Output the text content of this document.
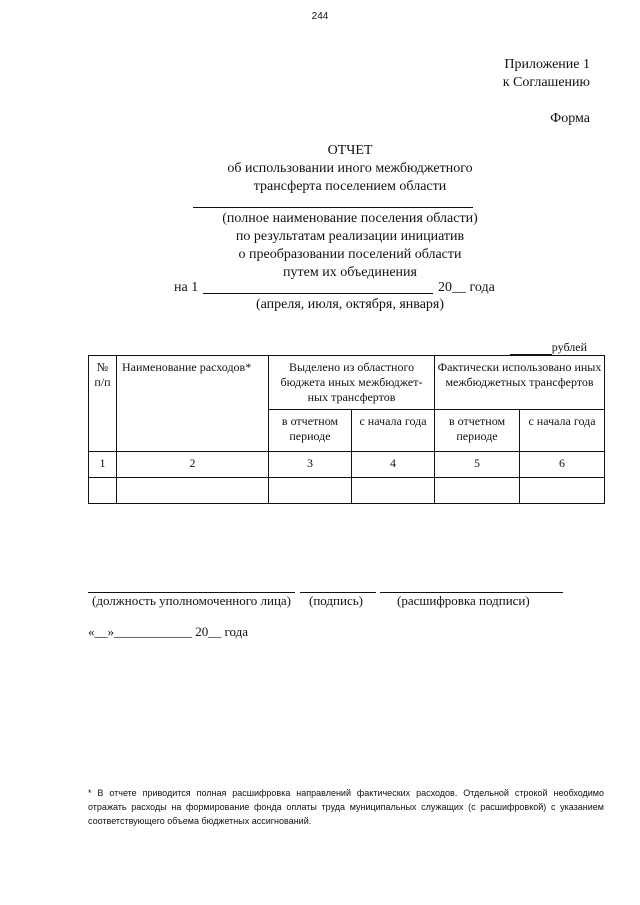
244
Приложение 1
к Соглашению
Форма
ОТЧЕТ
об использовании иного межбюджетного
трансферта поселением области
(полное наименование поселения области)
по результатам реализации инициатив
о преобразовании поселений области
путем их объединения
на 1	20__ года
(апреля, июля, октября, января)
рублей
№ п/п	Наименование расходов*	Выделено из областного бюджета иных межбюджет-ных трансфертов		Фактически использовано иных межбюджетных трансфертов	
		в отчетном периоде	с начала года	в отчетном периоде	с начала года
1	2	3	4	5	6

(должность уполномоченного лица) (подпись)	(расшифровка подписи)
«__»____________ 20__ года
* В отчете приводится полная расшифровка направлений фактических расходов. Отдельной строкой необходимо отражать расходы на формирование фонда оплаты труда муниципальных служащих (с расшифровкой) с указанием соответствующего объема бюджетных ассигнований.
